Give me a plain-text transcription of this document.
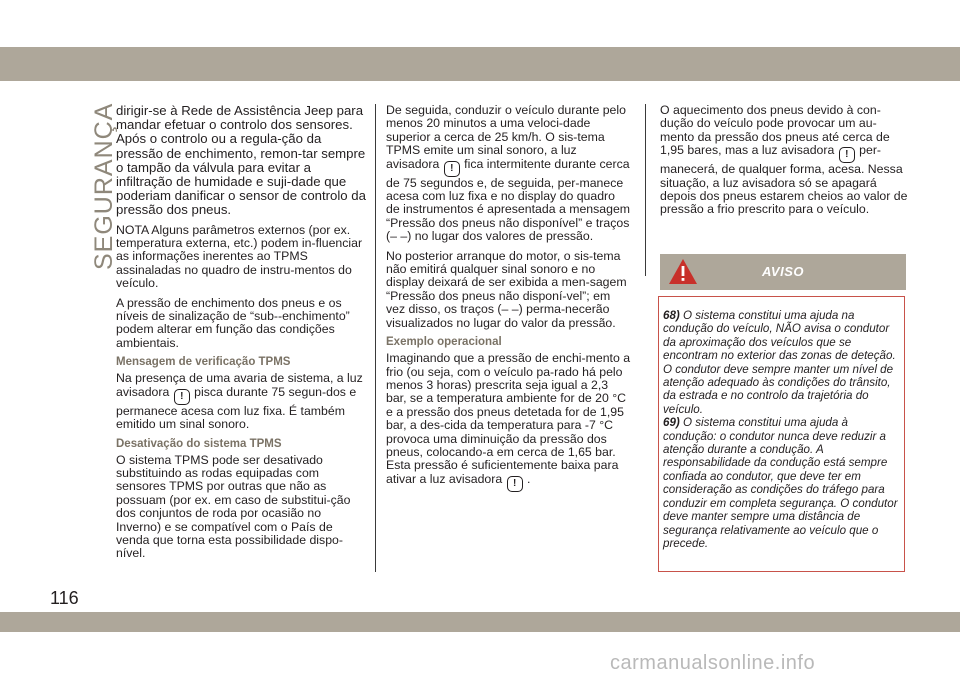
SEGURANÇA

dirigir-se à Rede de Assistência Jeep para mandar efetuar o controlo dos sensores. Após o controlo ou a regula-ção da pressão de enchimento, remon-tar sempre o tampão da válvula para evitar a infiltração de humidade e suji-dade que poderiam danificar o sensor de controlo da pressão dos pneus.

NOTA Alguns parâmetros externos (por ex. temperatura externa, etc.) podem in-fluenciar as informações inerentes ao TPMS assinaladas no quadro de instru-mentos do veículo.

A pressão de enchimento dos pneus e os níveis de sinalização de “sub--enchimento” podem alterar em função das condições ambientais.

Mensagem de verificação TPMS

Na presença de uma avaria de sistema, a luz avisadora ! pisca durante 75 segun-dos e permanece acesa com luz fixa. É também emitido um sinal sonoro.

Desativação do sistema TPMS

O sistema TPMS pode ser desativado substituindo as rodas equipadas com sensores TPMS por outras que não as possuam (por ex. em caso de substitui-ção dos conjuntos de roda por ocasião no Inverno) e se compatível com o País de venda que torna esta possibilidade dispo-nível.

De seguida, conduzir o veículo durante pelo menos 20 minutos a uma veloci-dade superior a cerca de 25 km/h. O sis-tema TPMS emite um sinal sonoro, a luz avisadora ! fica intermitente durante cerca de 75 segundos e, de seguida, per-manece acesa com luz fixa e no display do quadro de instrumentos é apresentada a mensagem “Pressão dos pneus não disponível” e traços (– –) no lugar dos valores de pressão.

No posterior arranque do motor, o sis-tema não emitirá qualquer sinal sonoro e no display deixará de ser exibida a men-sagem “Pressão dos pneus não disponí-vel”; em vez disso, os traços (– –) perma-necerão visualizados no lugar do valor da pressão.

Exemplo operacional

Imaginando que a pressão de enchi-mento a frio (ou seja, com o veículo pa-rado há pelo menos 3 horas) prescrita seja igual a 2,3 bar, se a temperatura ambiente for de 20 °C e a pressão dos pneus detetada for de 1,95 bar, a des-cida da temperatura para -7 °C provoca uma diminuição da pressão dos pneus, colocando-a em cerca de 1,65 bar. Esta pressão é suficientemente baixa para ativar a luz avisadora ! .

O aquecimento dos pneus devido à con-dução do veículo pode provocar um au-mento da pressão dos pneus até cerca de 1,95 bares, mas a luz avisadora ! per-manecerá, de qualquer forma, acesa. Nessa situação, a luz avisadora só se apagará depois dos pneus estarem cheios ao valor de pressão a frio prescrito para o veículo.

AVISO

68) O sistema constitui uma ajuda na condução do veículo, NÃO avisa o condutor da aproximação dos veículos que se encontram no exterior das zonas de deteção. O condutor deve sempre manter um nível de atenção adequado às condições do trânsito, da estrada e no controlo da trajetória do veículo.

69) O sistema constitui uma ajuda à condução: o condutor nunca deve reduzir a atenção durante a condução. A responsabilidade da condução está sempre confiada ao condutor, que deve ter em consideração as condições do tráfego para conduzir em completa segurança. O condutor deve manter sempre uma distância de segurança relativamente ao veículo que o precede.

116
carmanualsonline.info
